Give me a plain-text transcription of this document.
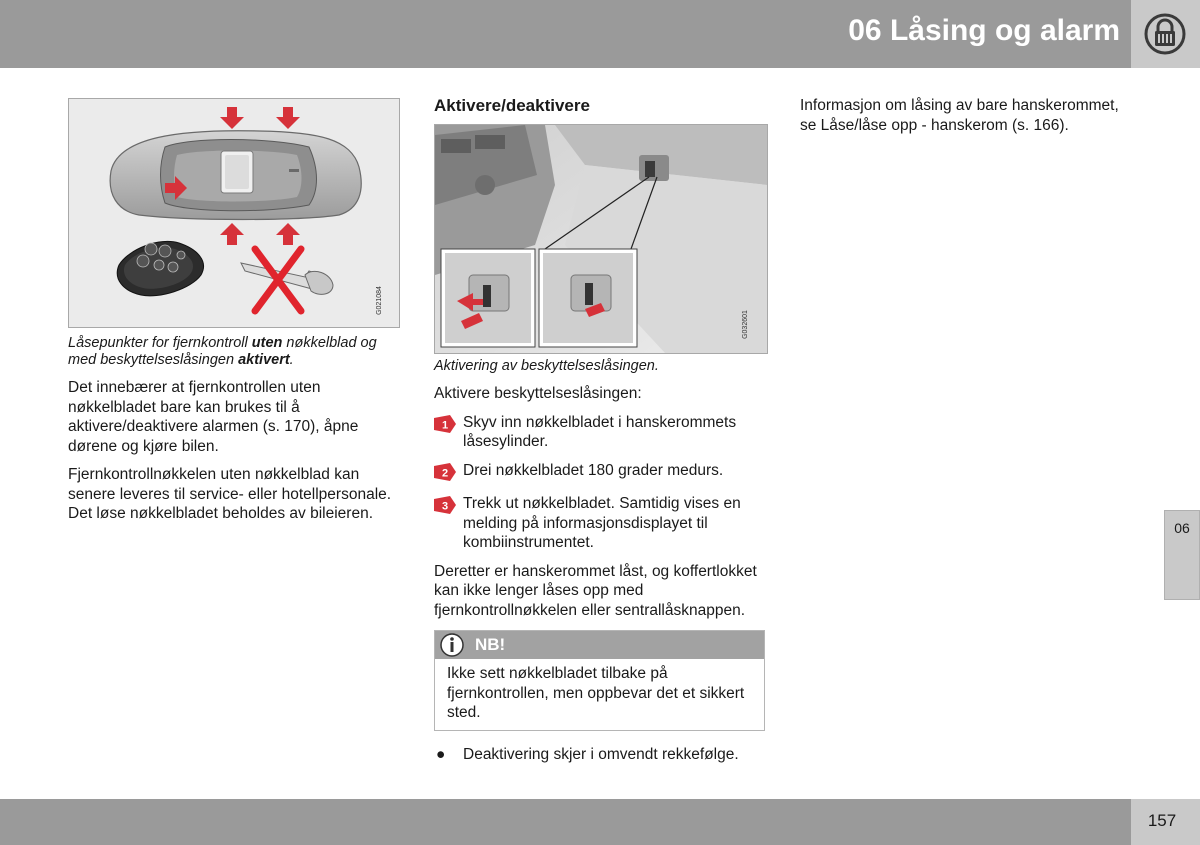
06 Låsing og alarm
06
G021084
Låsepunkter for fjernkontroll uten nøkkelblad og med beskyttelseslåsingen aktivert.

Det innebærer at fjernkontrollen uten nøkkelbladet bare kan brukes til å aktivere/deaktivere alarmen (s. 170), åpne dørene og kjøre bilen.

Fjernkontrollnøkkelen uten nøkkelblad kan senere leveres til service- eller hotellpersonale. Det løse nøkkelbladet beholdes av bileieren.

Aktivere/deaktivere
G032601
Aktivering av beskyttelseslåsingen.

Aktivere beskyttelseslåsingen:

1 Skyv inn nøkkelbladet i hanskerommets låsesylinder.
2 Drei nøkkelbladet 180 grader medurs.
3 Trekk ut nøkkelbladet. Samtidig vises en melding på informasjonsdisplayet til kombiinstrumentet.

Deretter er hanskerommet låst, og koffertlokket kan ikke lenger låses opp med fjernkontrollnøkkelen eller sentrallåsknappen.

NB!
Ikke sett nøkkelbladet tilbake på fjernkontrollen, men oppbevar det et sikkert sted.
● Deaktivering skjer i omvendt rekkefølge.

Informasjon om låsing av bare hanskerommet, se Låse/låse opp - hanskerom (s. 166).

157
